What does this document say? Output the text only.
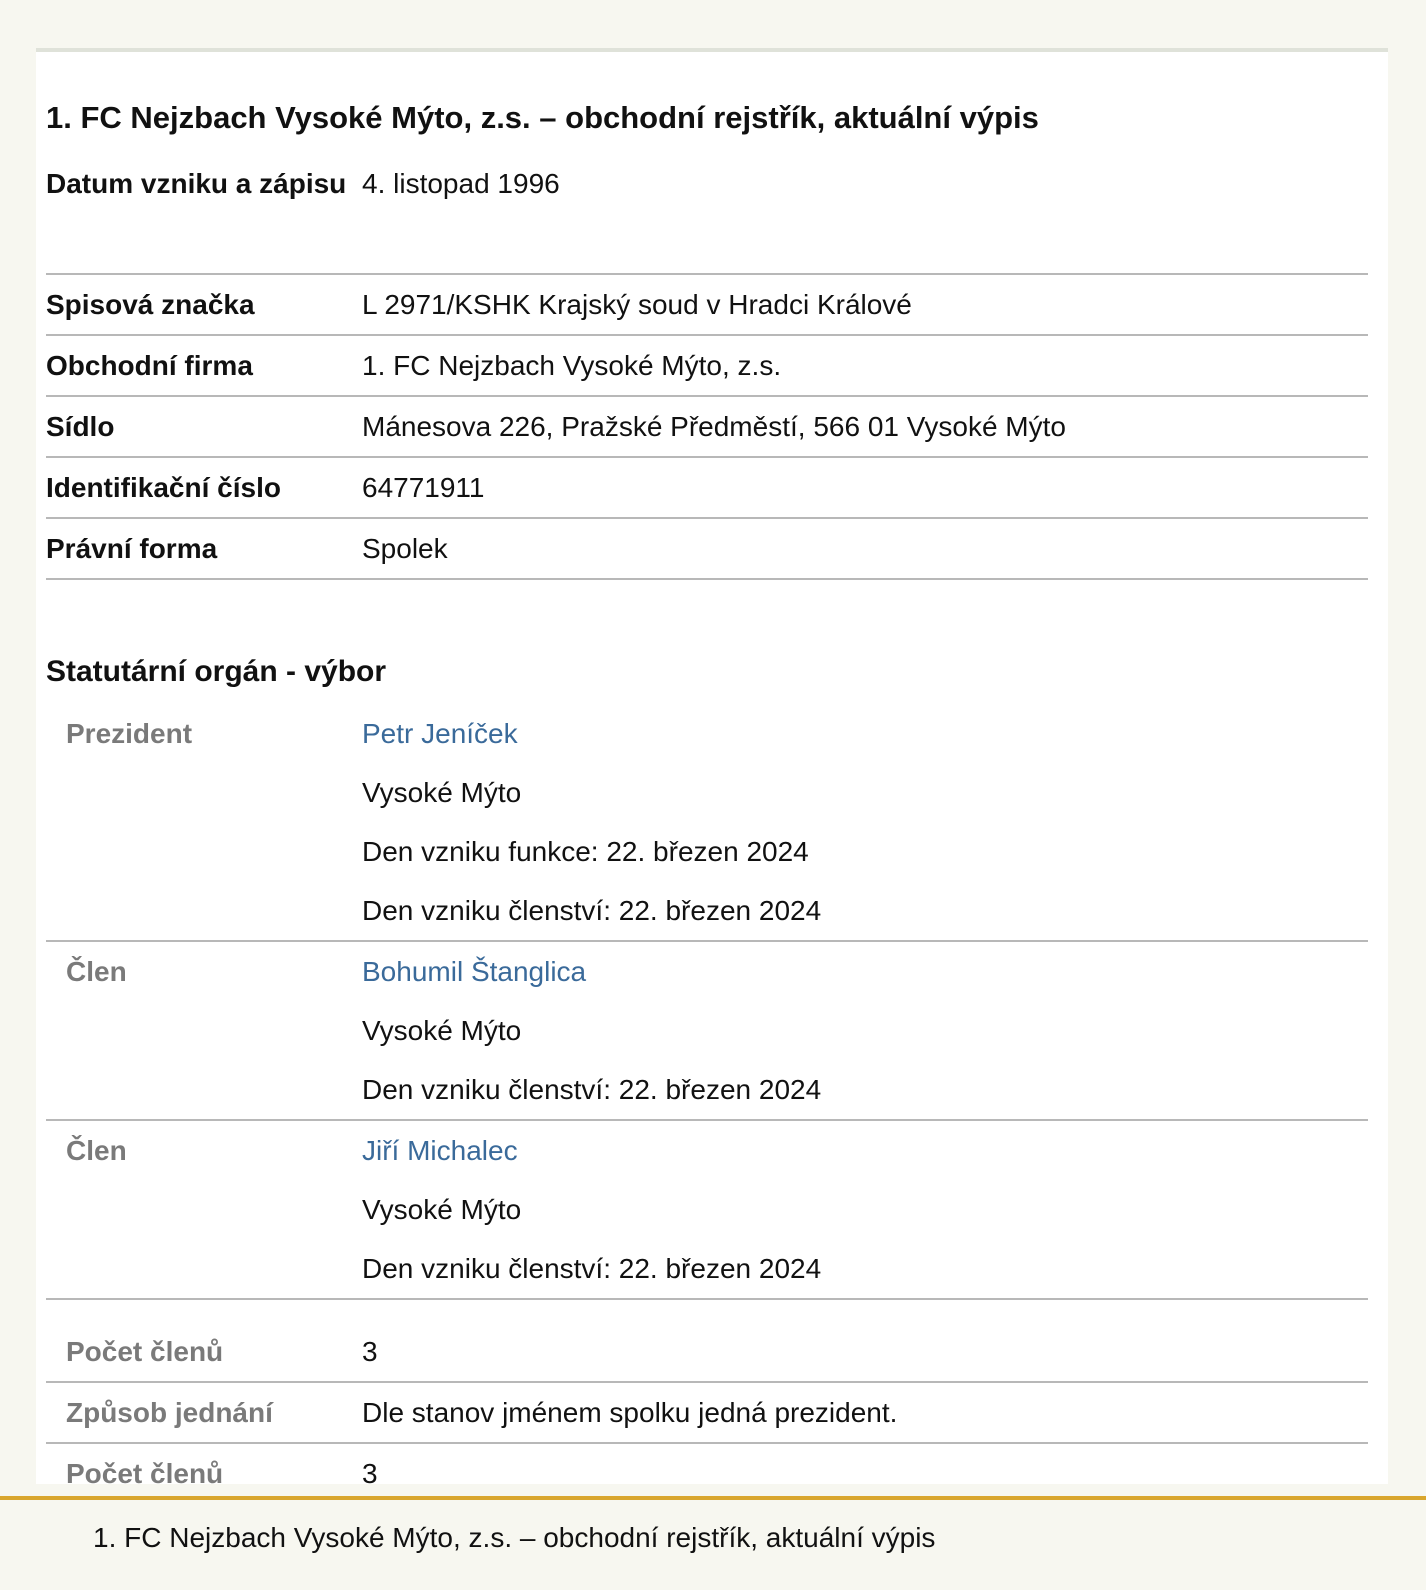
1. FC Nejzbach Vysoké Mýto, z.s. – obchodní rejstřík, aktuální výpis
Datum vzniku a zápisu 4. listopad 1996
Spisová značka	L 2971/KSHK Krajský soud v Hradci Králové
Obchodní firma	1. FC Nejzbach Vysoké Mýto, z.s.
Sídlo	Mánesova 226, Pražské Předměstí, 566 01 Vysoké Mýto
Identifikační číslo	64771911
Právní forma	Spolek
Statutární orgán - výbor
Prezident	Petr Jeníček
Vysoké Mýto
Den vzniku funkce: 22. březen 2024
Den vzniku členství: 22. březen 2024
Člen	Bohumil Štanglica
Vysoké Mýto
Den vzniku členství: 22. březen 2024
Člen	Jiří Michalec
Vysoké Mýto
Den vzniku členství: 22. březen 2024
Počet členů	3
Způsob jednání	Dle stanov jménem spolku jedná prezident.
Počet členů	3
1. FC Nejzbach Vysoké Mýto, z.s. – obchodní rejstřík, aktuální výpis
